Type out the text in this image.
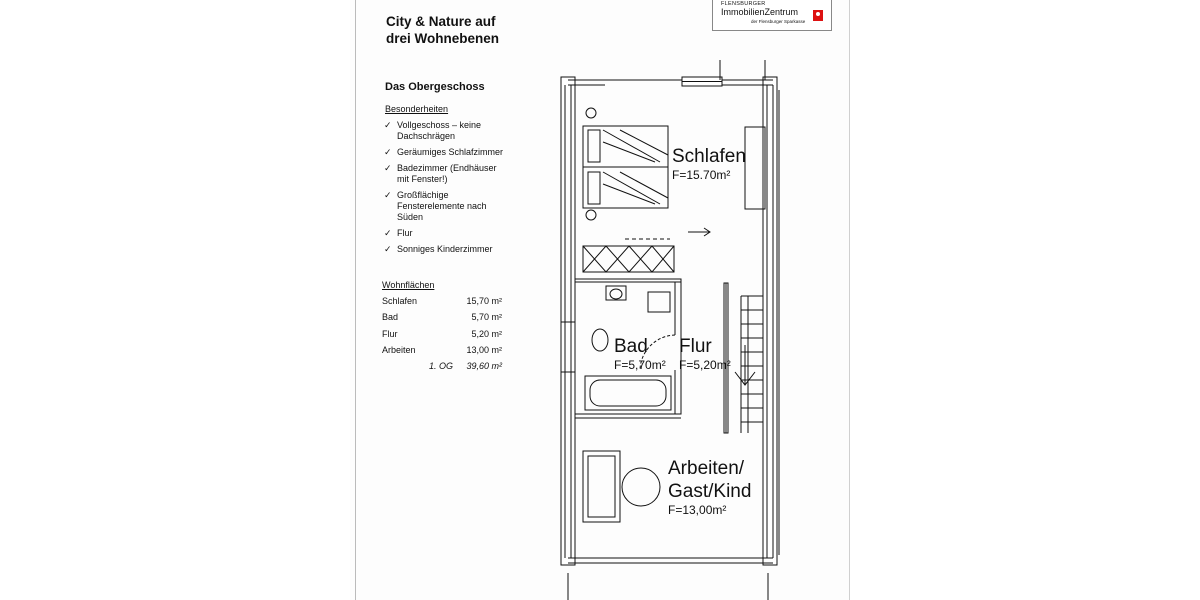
City & Nature auf
drei Wohnebenen
FLENSBURGER
ImmobilienZentrum
der Flensburger Sparkasse
Das Obergeschoss
Besonderheiten
✓ Vollgeschoss – keine Dachschrägen
✓ Geräumiges Schlafzimmer
✓ Badezimmer (Endhäuser mit Fenster!)
✓ Großflächige Fensterelemente nach Süden
✓ Flur
✓ Sonniges Kinderzimmer
Wohnflächen
Schlafen	15,70 m²
Bad	5,70 m²
Flur	5,20 m²
Arbeiten	13,00 m²
1. OG 39,60 m²
Schlafen
F=15.70m²
Bad
F=5,70m²
Flur
F=5,20m²
Arbeiten/
Gast/Kind
F=13,00m²
